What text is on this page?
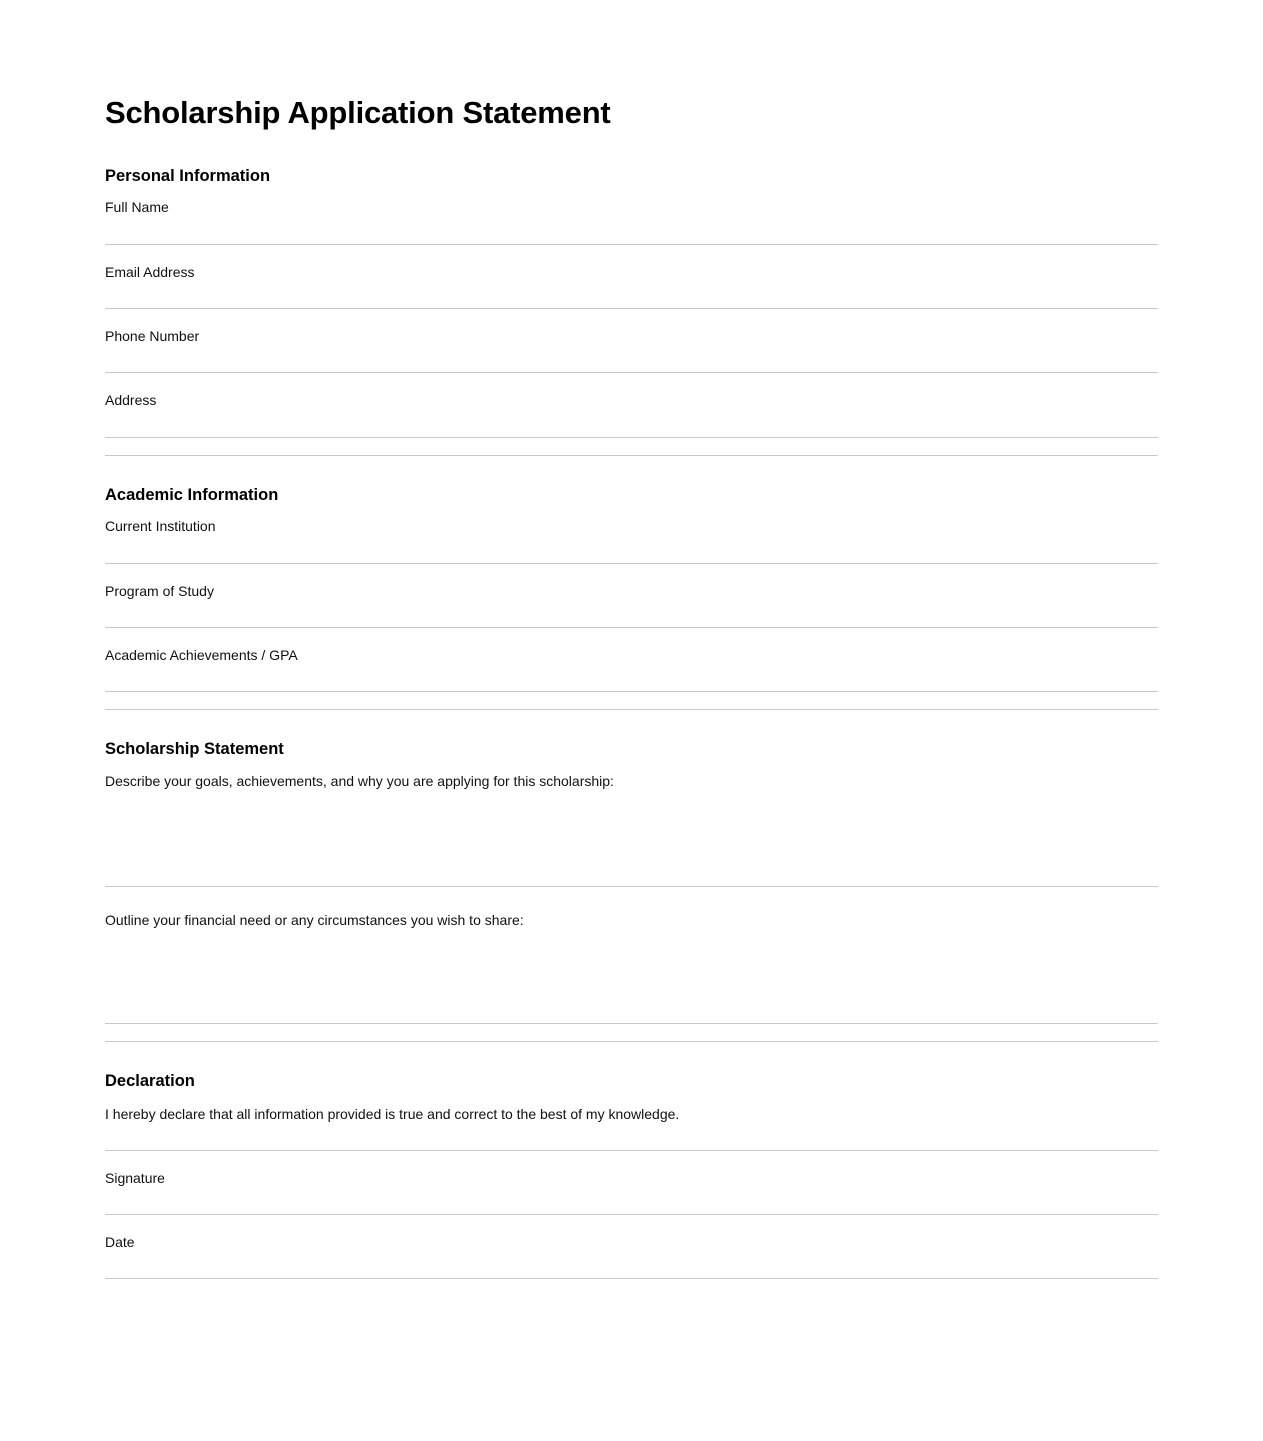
Scholarship Application Statement
Personal Information
Full Name
Email Address
Phone Number
Address
Academic Information
Current Institution
Program of Study
Academic Achievements / GPA
Scholarship Statement
Describe your goals, achievements, and why you are applying for this scholarship:
Outline your financial need or any circumstances you wish to share:
Declaration
I hereby declare that all information provided is true and correct to the best of my knowledge.
Signature
Date
